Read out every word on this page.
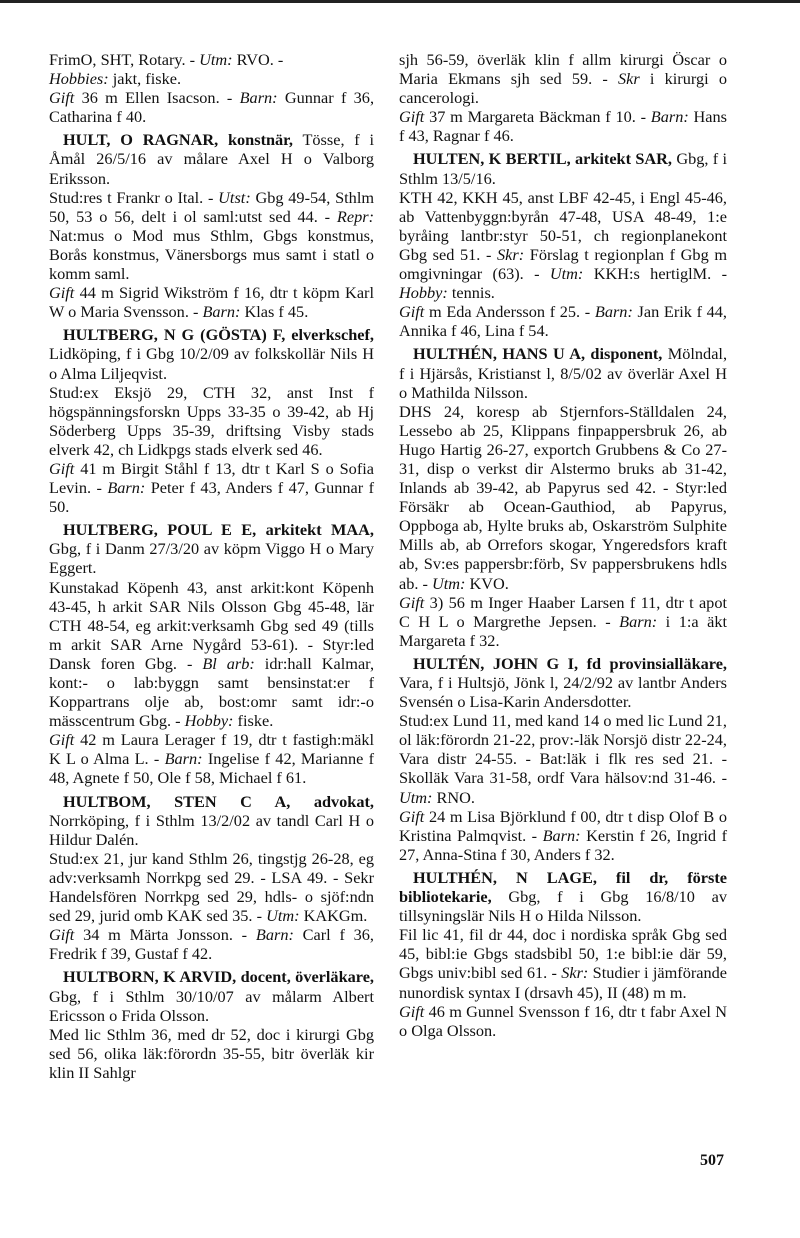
FrimO, SHT, Rotary. - Utm: RVO. -
Hobbies: jakt, fiske.
Gift 36 m Ellen Isacson. - Barn: Gunnar f 36, Catharina f 40.

HULT, O RAGNAR, konstnär, Tösse, f i Åmål 26/5/16 av målare Axel H o Valborg Eriksson.

Stud:res t Frankr o Ital. - Utst: Gbg 49-54, Sthlm 50, 53 o 56, delt i ol saml:utst sed 44. - Repr: Nat:mus o Mod mus Sthlm, Gbgs konstmus, Borås konstmus, Vänersborgs mus samt i statl o komm saml.

Gift 44 m Sigrid Wikström f 16, dtr t köpm Karl W o Maria Svensson. - Barn: Klas f 45.

HULTBERG, N G (GÖSTA) F, elverkschef, Lidköping, f i Gbg 10/2/09 av folkskollär Nils H o Alma Liljeqvist.

Stud:ex Eksjö 29, CTH 32, anst Inst f högspänningsforskn Upps 33-35 o 39-42, ab Hj Söderberg Upps 35-39, driftsing Visby stads elverk 42, ch Lidkpgs stads elverk sed 46.

Gift 41 m Birgit Ståhl f 13, dtr t Karl S o Sofia Levin. - Barn: Peter f 43, Anders f 47, Gunnar f 50.

HULTBERG, POUL E E, arkitekt MAA, Gbg, f i Danm 27/3/20 av köpm Viggo H o Mary Eggert.

Kunstakad Köpenh 43, anst arkit:kont Köpenh 43-45, h arkit SAR Nils Olsson Gbg 45-48, lär CTH 48-54, eg arkit:verksamh Gbg sed 49 (tills m arkit SAR Arne Nygård 53-61). - Styr:led Dansk foren Gbg. - Bl arb: idr:hall Kalmar, kont:- o lab:byggn samt bensinstat:er f Koppartrans olje ab, bost:omr samt idr:-o mässcentrum Gbg. - Hobby: fiske.

Gift 42 m Laura Lerager f 19, dtr t fastigh:mäkl K L o Alma L. - Barn: Ingelise f 42, Marianne f 48, Agnete f 50, Ole f 58, Michael f 61.

HULTBOM, STEN C A, advokat, Norrköping, f i Sthlm 13/2/02 av tandl Carl H o Hildur Dalén.

Stud:ex 21, jur kand Sthlm 26, tingstjg 26-28, eg adv:verksamh Norrkpg sed 29. - LSA 49. - Sekr Handelsfören Norrkpg sed 29, hdls- o sjöf:ndn sed 29, jurid omb KAK sed 35. - Utm: KAKGm.

Gift 34 m Märta Jonsson. - Barn: Carl f 36, Fredrik f 39, Gustaf f 42.

HULTBORN, K ARVID, docent, överläkare, Gbg, f i Sthlm 30/10/07 av målarm Albert Ericsson o Frida Olsson.

Med lic Sthlm 36, med dr 52, doc i kirurgi Gbg sed 56, olika läk:förordn 35-55, bitr överläk kir klin II Sahlgr

sjh 56-59, överläk klin f allm kirurgi Öscar o Maria Ekmans sjh sed 59. - Skr i kirurgi o cancerologi.

Gift 37 m Margareta Bäckman f 10. - Barn: Hans f 43, Ragnar f 46.

HULTEN, K BERTIL, arkitekt SAR, Gbg, f i Sthlm 13/5/16.

KTH 42, KKH 45, anst LBF 42-45, i Engl 45-46, ab Vattenbyggn:byrån 47-48, USA 48-49, 1:e byråing lantbr:styr 50-51, ch regionplanekont Gbg sed 51. - Skr: Förslag t regionplan f Gbg m omgivningar (63). - Utm: KKH:s hertiglM. - Hobby: tennis.

Gift m Eda Andersson f 25. - Barn: Jan Erik f 44, Annika f 46, Lina f 54.

HULTHÉN, HANS U A, disponent, Mölndal, f i Hjärsås, Kristianst l, 8/5/02 av överlär Axel H o Mathilda Nilsson.

DHS 24, koresp ab Stjernfors-Ställdalen 24, Lessebo ab 25, Klippans finpappersbruk 26, ab Hugo Hartig 26-27, exportch Grubbens & Co 27-31, disp o verkst dir Alstermo bruks ab 31-42, Inlands ab 39-42, ab Papyrus sed 42. - Styr:led Försäkr ab Ocean-Gauthiod, ab Papyrus, Oppboga ab, Hylte bruks ab, Oskarström Sulphite Mills ab, ab Orrefors skogar, Yngeredsfors kraft ab, Sv:es pappersbr:förb, Sv pappersbrukens hdls ab. - Utm: KVO.

Gift 3) 56 m Inger Haaber Larsen f 11, dtr t apot C H L o Margrethe Jepsen. - Barn: i 1:a äkt Margareta f 32.

HULTÉN, JOHN G I, fd provinsialläkare, Vara, f i Hultsjö, Jönk l, 24/2/92 av lantbr Anders Svensén o Lisa-Karin Andersdotter.

Stud:ex Lund 11, med kand 14 o med lic Lund 21, ol läk:förordn 21-22, prov:-läk Norsjö distr 22-24, Vara distr 24-55. - Bat:läk i flk res sed 21. - Skolläk Vara 31-58, ordf Vara hälsov:nd 31-46. - Utm: RNO.

Gift 24 m Lisa Björklund f 00, dtr t disp Olof B o Kristina Palmqvist. - Barn: Kerstin f 26, Ingrid f 27, Anna-Stina f 30, Anders f 32.

HULTHÉN, N LAGE, fil dr, förste bibliotekarie, Gbg, f i Gbg 16/8/10 av tillsyningslär Nils H o Hilda Nilsson.

Fil lic 41, fil dr 44, doc i nordiska språk Gbg sed 45, bibl:ie Gbgs stadsbibl 50, 1:e bibl:ie där 59, Gbgs univ:bibl sed 61. - Skr: Studier i jämförande nunordisk syntax I (drsavh 45), II (48) m m.

Gift 46 m Gunnel Svensson f 16, dtr t fabr Axel N o Olga Olsson.

507
